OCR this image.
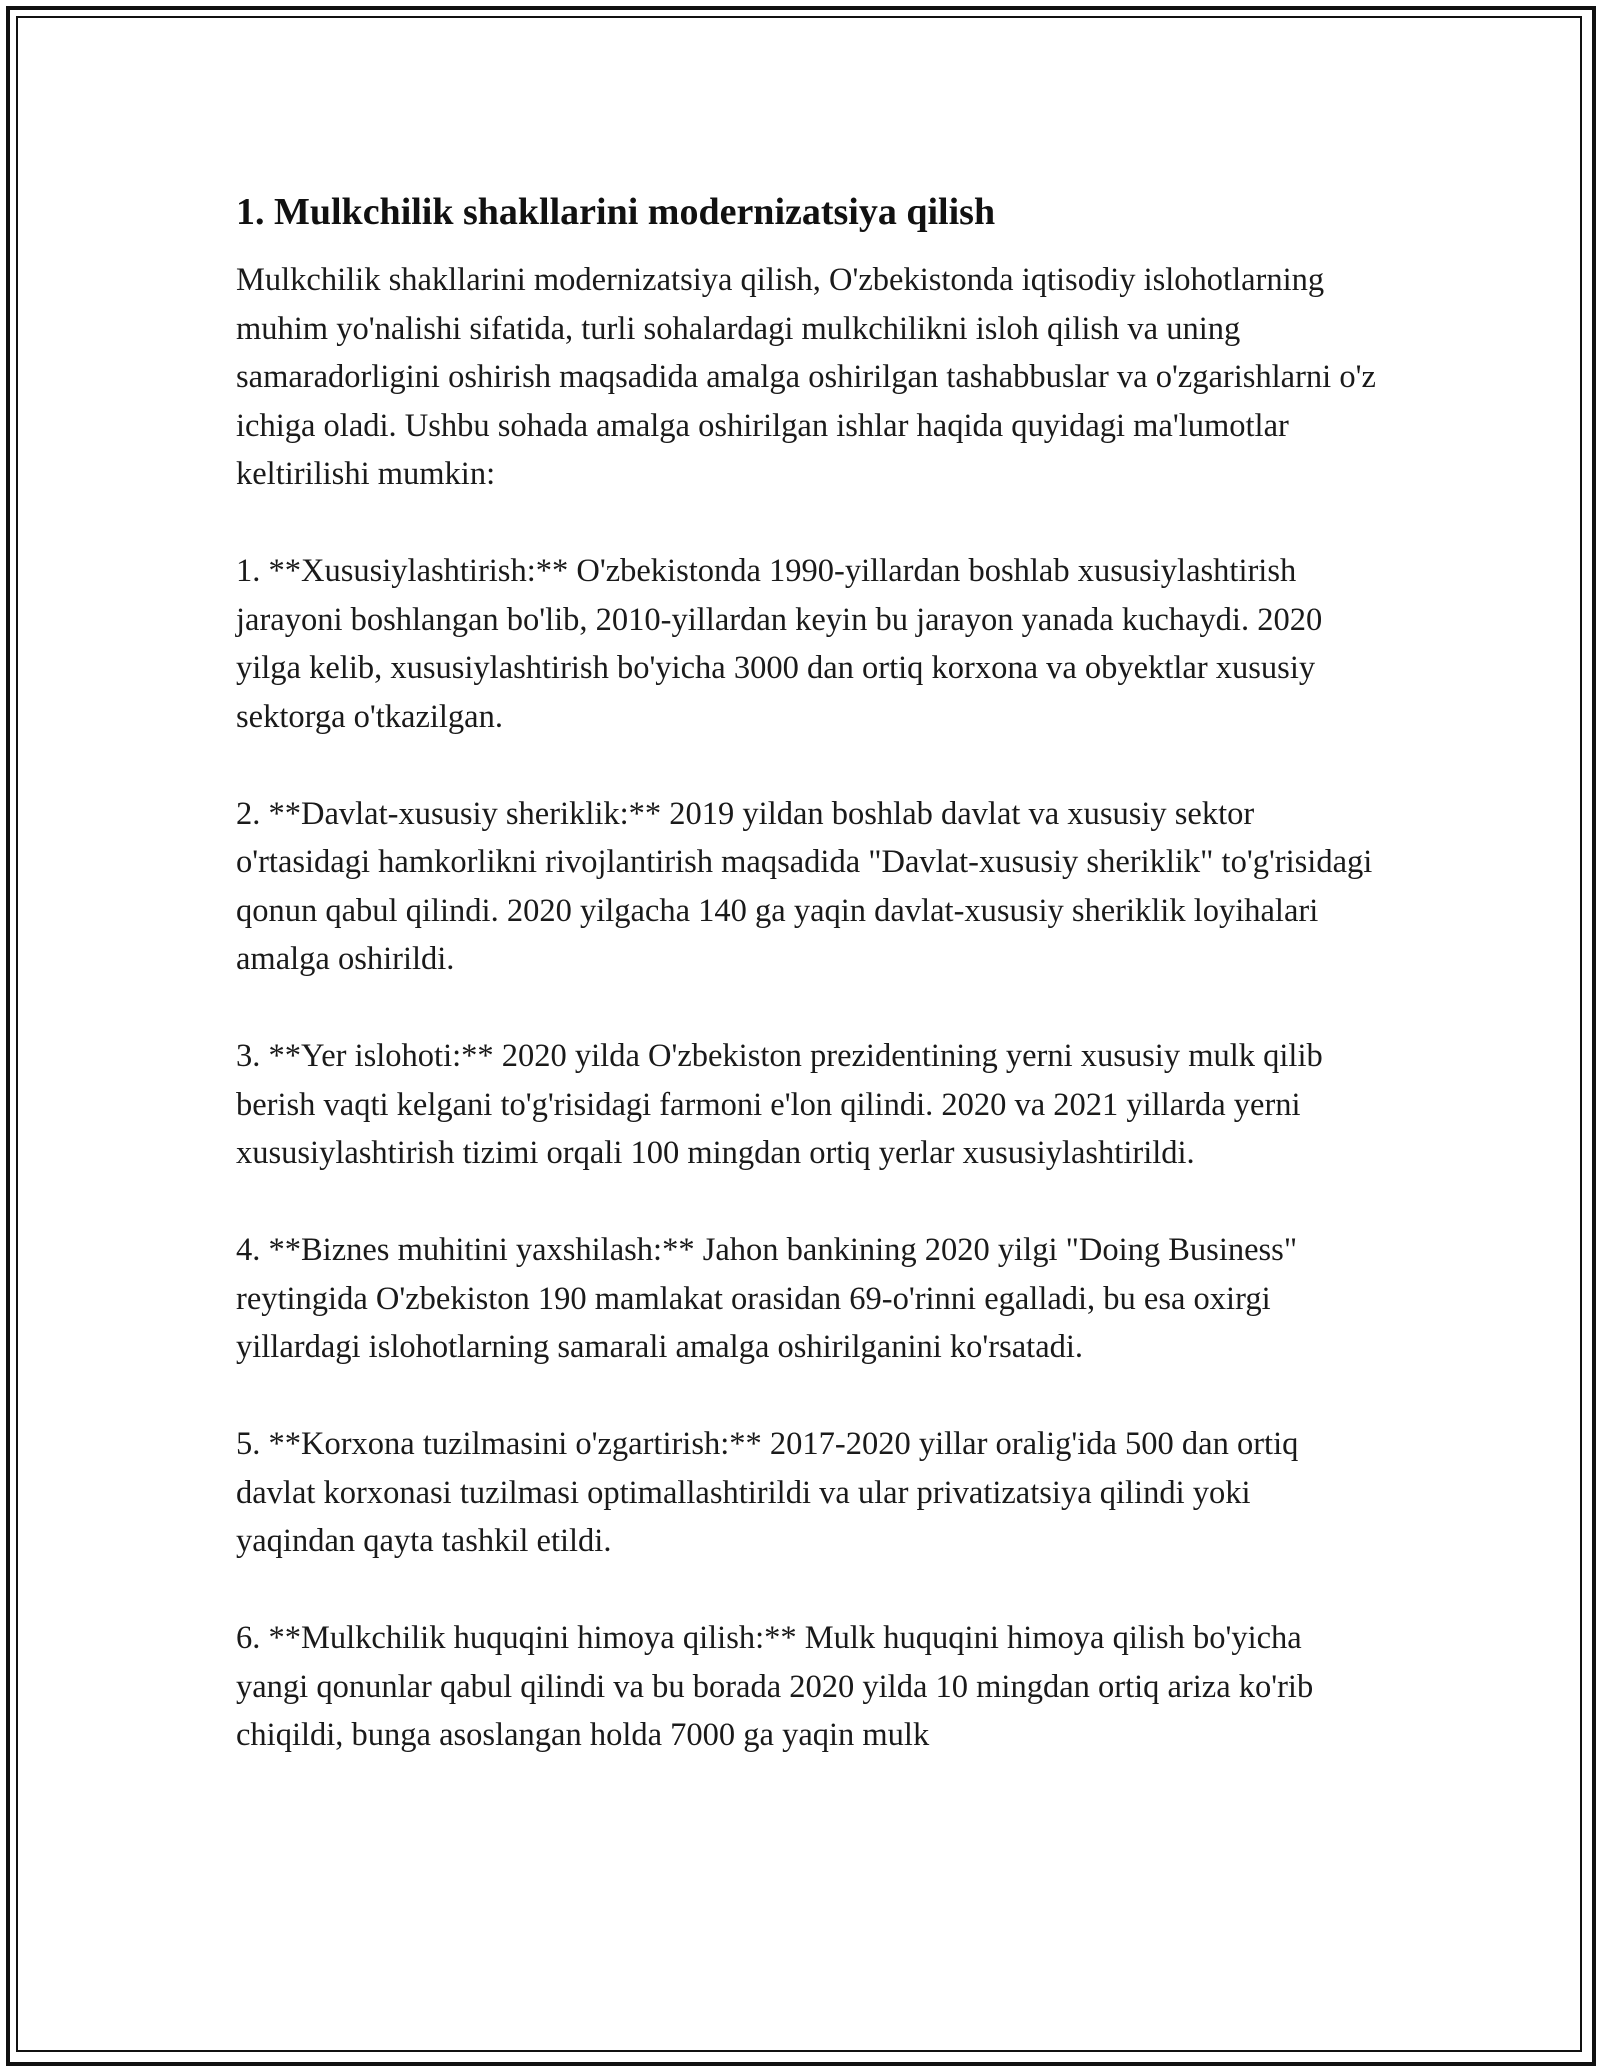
1. Mulkchilik shakllarini modernizatsiya qilish

Mulkchilik shakllarini modernizatsiya qilish, O'zbekistonda iqtisodiy islohotlarning muhim yo'nalishi sifatida, turli sohalardagi mulkchilikni isloh qilish va uning samaradorligini oshirish maqsadida amalga oshirilgan tashabbuslar va o'zgarishlarni o'z ichiga oladi. Ushbu sohada amalga oshirilgan ishlar haqida quyidagi ma'lumotlar keltirilishi mumkin:

1. **Xususiylashtirish:** O'zbekistonda 1990-yillardan boshlab xususiylashtirish jarayoni boshlangan bo'lib, 2010-yillardan keyin bu jarayon yanada kuchaydi. 2020 yilga kelib, xususiylashtirish bo'yicha 3000 dan ortiq korxona va obyektlar xususiy sektorga o'tkazilgan.

2. **Davlat-xususiy sheriklik:** 2019 yildan boshlab davlat va xususiy sektor o'rtasidagi hamkorlikni rivojlantirish maqsadida "Davlat-xususiy sheriklik" to'g'risidagi qonun qabul qilindi. 2020 yilgacha 140 ga yaqin davlat-xususiy sheriklik loyihalari amalga oshirildi.

3. **Yer islohoti:** 2020 yilda O'zbekiston prezidentining yerni xususiy mulk qilib berish vaqti kelgani to'g'risidagi farmoni e'lon qilindi. 2020 va 2021 yillarda yerni xususiylashtirish tizimi orqali 100 mingdan ortiq yerlar xususiylashtirildi.

4. **Biznes muhitini yaxshilash:** Jahon bankining 2020 yilgi "Doing Business" reytingida O'zbekiston 190 mamlakat orasidan 69-o'rinni egalladi, bu esa oxirgi yillardagi islohotlarning samarali amalga oshirilganini ko'rsatadi.

5. **Korxona tuzilmasini o'zgartirish:** 2017-2020 yillar oralig'ida 500 dan ortiq davlat korxonasi tuzilmasi optimallashtirildi va ular privatizatsiya qilindi yoki yaqindan qayta tashkil etildi.

6. **Mulkchilik huquqini himoya qilish:** Mulk huquqini himoya qilish bo'yicha yangi qonunlar qabul qilindi va bu borada 2020 yilda 10 mingdan ortiq ariza ko'rib chiqildi, bunga asoslangan holda 7000 ga yaqin mulk
